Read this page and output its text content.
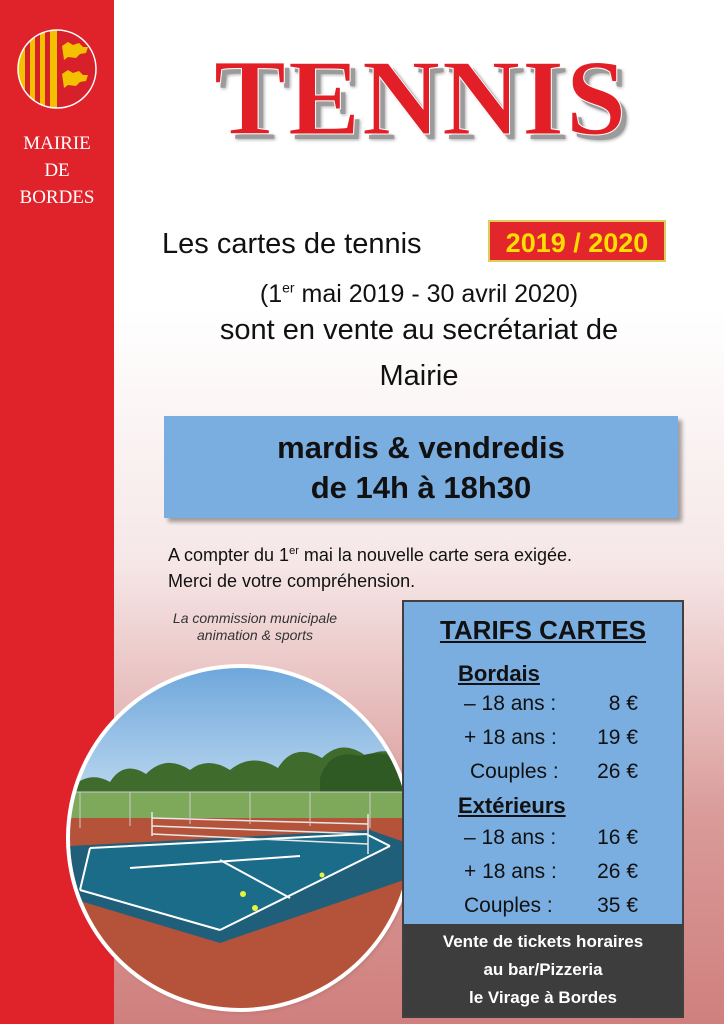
MAIRIE
DE
BORDES
TENNIS
Les cartes de tennis	2019 / 2020
(1er mai 2019 - 30 avril 2020)
sont en vente au secrétariat de
Mairie
mardis & vendredis
de 14h à 18h30
A compter du 1er mai la nouvelle carte sera exigée.
Merci de votre compréhension.
La commission municipale
animation & sports	TARIFS CARTES
Bordais
– 18 ans :	8 €
+ 18 ans : 19 €
Couples : 26 €
Extérieurs
– 18 ans : 16 €
+ 18 ans : 26 €
Couples : 35 €
Vente de tickets horaires
au bar/Pizzeria
le Virage à Bordes
